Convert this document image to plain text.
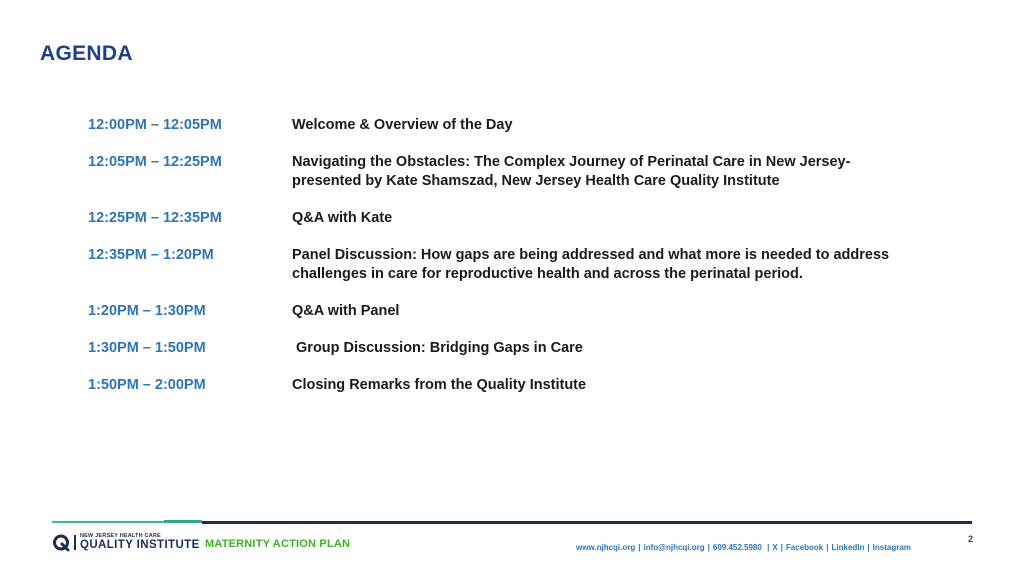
AGENDA
12:00PM – 12:05PM	Welcome & Overview of the Day
12:05PM – 12:25PM	Navigating the Obstacles: The Complex Journey of Perinatal Care in New Jersey- presented by Kate Shamszad, New Jersey Health Care Quality Institute
12:25PM – 12:35PM	Q&A with Kate
12:35PM – 1:20PM	Panel Discussion: How gaps are being addressed and what more is needed to address challenges in care for reproductive health and across the perinatal period.
1:20PM – 1:30PM	Q&A with Panel
1:30PM – 1:50PM	Group Discussion: Bridging Gaps in Care
1:50PM – 2:00PM	Closing Remarks from the Quality Institute
NEW JERSEY HEALTH CARE
QUALITY INSTITUTE MATERNITY ACTION PLAN	www.njhcqi.org | info@njhcqi.org | 609.452.5980 | X | Facebook | LinkedIn | Instagram
2
